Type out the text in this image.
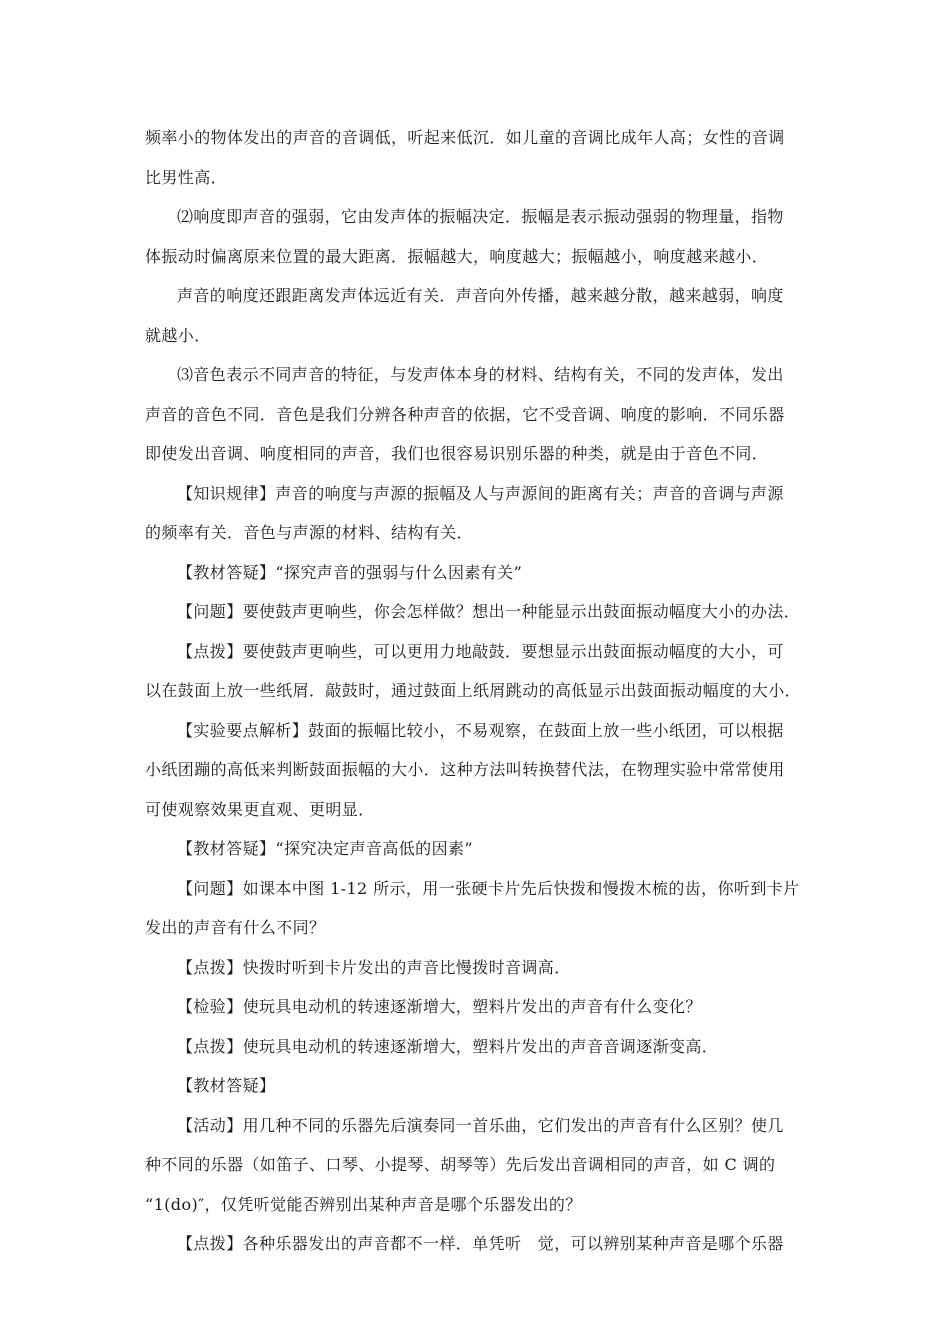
频率小的物体发出的声音的音调低，听起来低沉．如儿童的音调比成年人高；女性的音调
比男性高．
⑵响度即声音的强弱，它由发声体的振幅决定．振幅是表示振动强弱的物理量，指物
体振动时偏离原来位置的最大距离．振幅越大，响度越大；振幅越小，响度越来越小．
声音的响度还跟距离发声体远近有关．声音向外传播，越来越分散，越来越弱，响度
就越小．
⑶音色表示不同声音的特征，与发声体本身的材料、结构有关，不同的发声体，发出
声音的音色不同．音色是我们分辨各种声音的依据，它不受音调、响度的影响．不同乐器
即使发出音调、响度相同的声音，我们也很容易识别乐器的种类，就是由于音色不同．
【知识规律】声音的响度与声源的振幅及人与声源间的距离有关；声音的音调与声源
的频率有关．音色与声源的材料、结构有关．
【教材答疑】“探究声音的强弱与什么因素有关”
【问题】要使鼓声更响些，你会怎样做？想出一种能显示出鼓面振动幅度大小的办法．
【点拨】要使鼓声更响些，可以更用力地敲鼓．要想显示出鼓面振动幅度的大小，可
以在鼓面上放一些纸屑．敲鼓时，通过鼓面上纸屑跳动的高低显示出鼓面振动幅度的大小．
【实验要点解析】鼓面的振幅比较小，不易观察，在鼓面上放一些小纸团，可以根据
小纸团蹦的高低来判断鼓面振幅的大小．这种方法叫转换替代法，在物理实验中常常使用
可使观察效果更直观、更明显．
【教材答疑】“探究决定声音高低的因素”
【问题】如课本中图 1-12 所示，用一张硬卡片先后快拨和慢拨木梳的齿，你听到卡片
发出的声音有什么不同？
【点拨】快拨时听到卡片发出的声音比慢拨时音调高．
【检验】使玩具电动机的转速逐渐增大，塑料片发出的声音有什么变化？
【点拨】使玩具电动机的转速逐渐增大，塑料片发出的声音音调逐渐变高．
【教材答疑】
【活动】用几种不同的乐器先后演奏同一首乐曲，它们发出的声音有什么区别？使几
种不同的乐器（如笛子、口琴、小提琴、胡琴等）先后发出音调相同的声音，如 C 调的
“1(do)″，仅凭听觉能否辨别出某种声音是哪个乐器发出的？
【点拨】各种乐器发出的声音都不一样．单凭听　觉，可以辨别某种声音是哪个乐器
